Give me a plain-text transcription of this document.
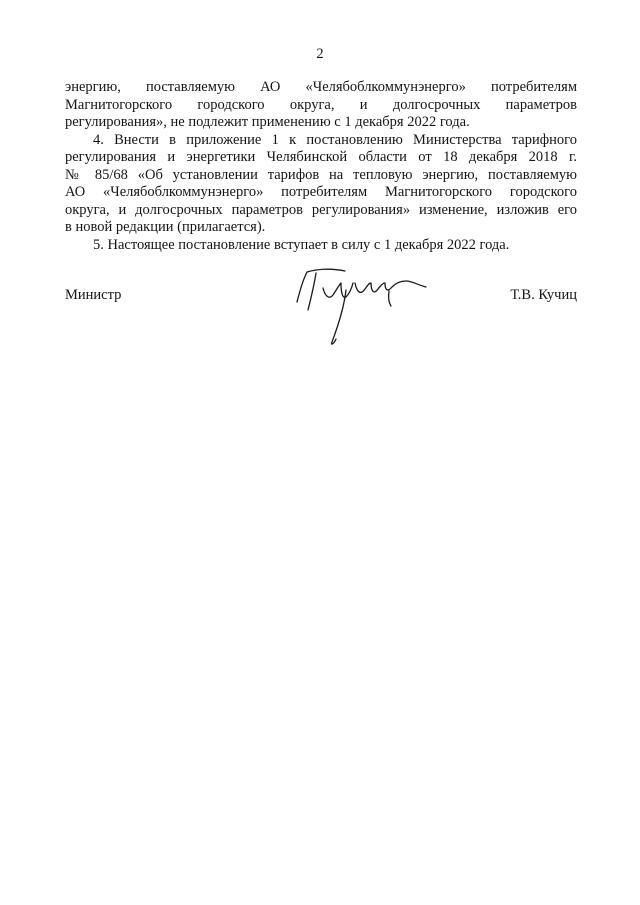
2
энергию, поставляемую АО «Челябоблкоммунэнерго» потребителям
Магнитогорского городского округа, и долгосрочных параметров
регулирования», не подлежит применению с 1 декабря 2022 года.
4. Внести в приложение 1 к постановлению Министерства тарифного
регулирования и энергетики Челябинской области от 18 декабря 2018 г.
№ 85/68 «Об установлении тарифов на тепловую энергию, поставляемую
АО «Челябоблкоммунэнерго» потребителям Магнитогорского городского
округа, и долгосрочных параметров регулирования» изменение, изложив его
в новой редакции (прилагается).
5. Настоящее постановление вступает в силу с 1 декабря 2022 года.
Министр	Т.В. Кучиц
